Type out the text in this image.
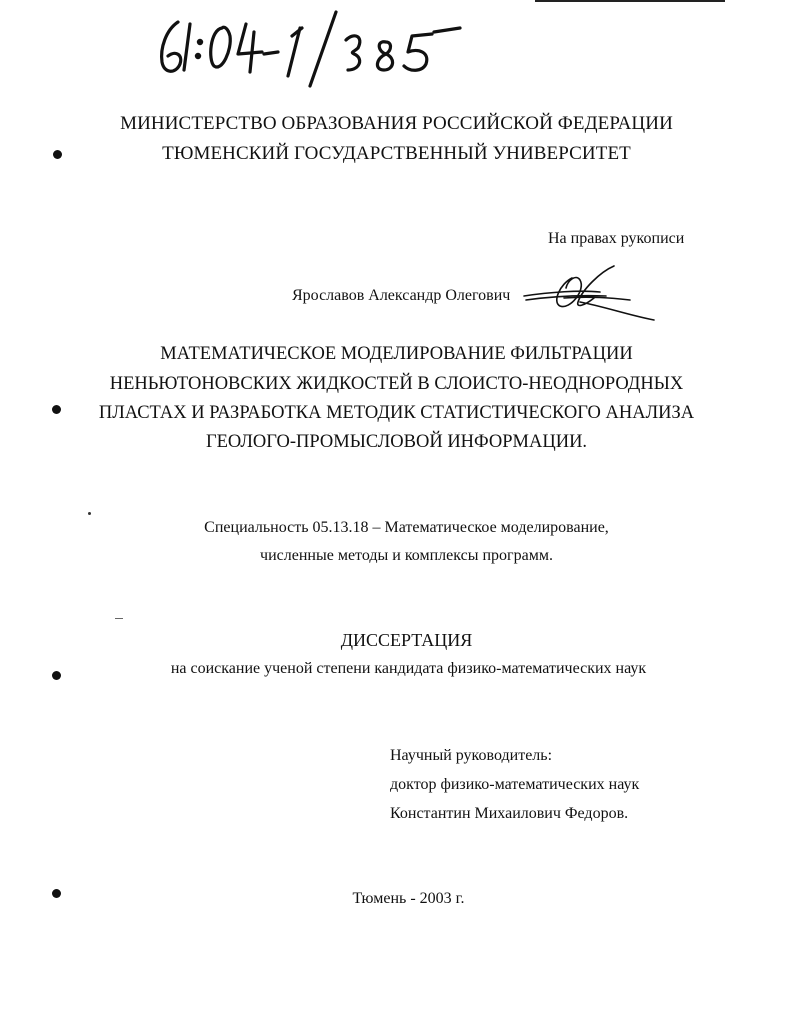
МИНИСТЕРСТВО ОБРАЗОВАНИЯ РОССИЙСКОЙ ФЕДЕРАЦИИ
ТЮМЕНСКИЙ ГОСУДАРСТВЕННЫЙ УНИВЕРСИТЕТ
На правах рукописи
Ярославов Александр Олегович
МАТЕМАТИЧЕСКОЕ МОДЕЛИРОВАНИЕ ФИЛЬТРАЦИИ
НЕНЬЮТОНОВСКИХ ЖИДКОСТЕЙ В СЛОИСТО-НЕОДНОРОДНЫХ
ПЛАСТАХ И РАЗРАБОТКА МЕТОДИК СТАТИСТИЧЕСКОГО АНАЛИЗА
ГЕОЛОГО-ПРОМЫСЛОВОЙ ИНФОРМАЦИИ.
Специальность 05.13.18 – Математическое моделирование,
численные методы и комплексы программ.
ДИССЕРТАЦИЯ
на соискание ученой степени кандидата физико-математических наук
Научный руководитель:
доктор физико-математических наук
Константин Михаилович Федоров.
Тюмень - 2003 г.
